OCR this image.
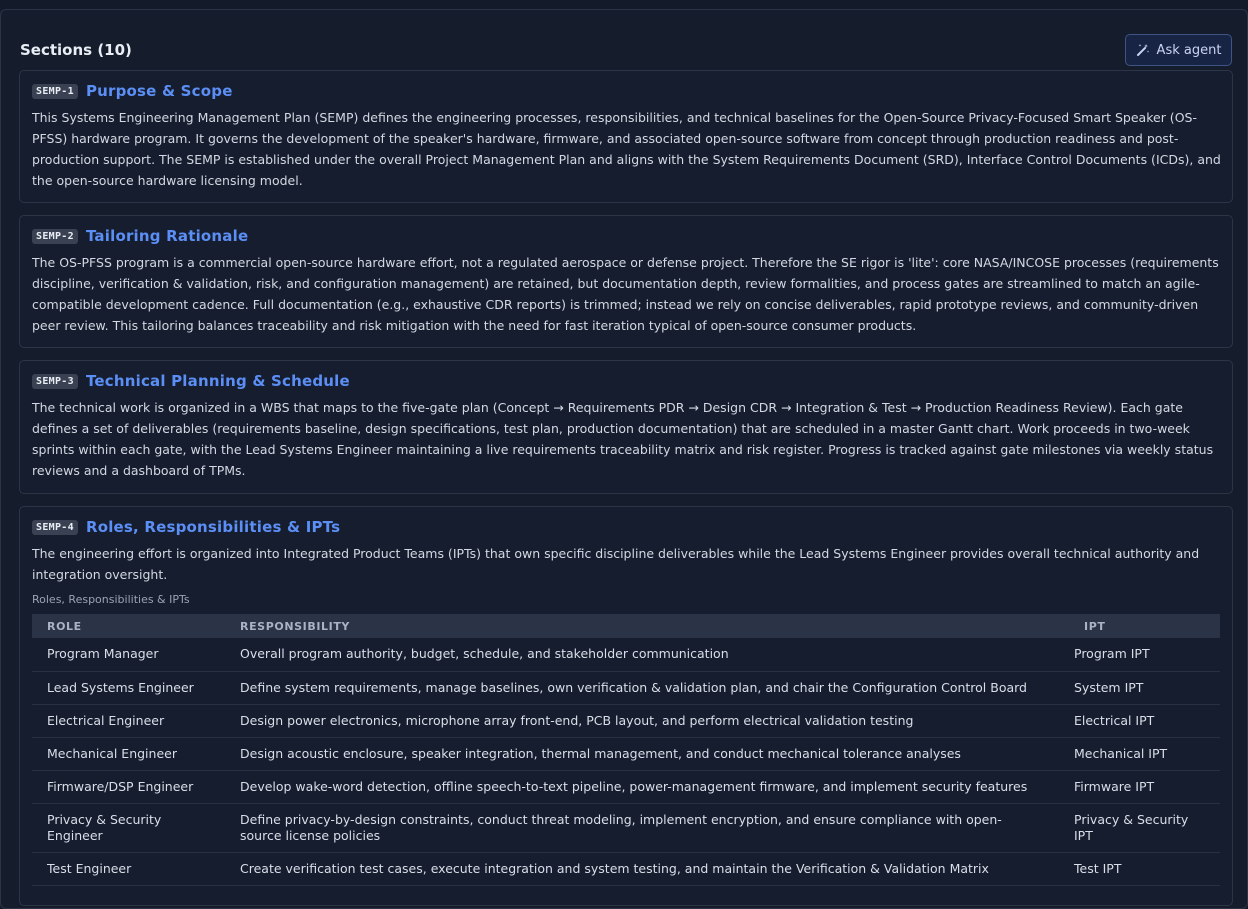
Sections (10)	Ask agent
SEMP-1 Purpose & Scope
This Systems Engineering Management Plan (SEMP) defines the engineering processes, responsibilities, and technical baselines for the Open-Source Privacy-Focused Smart Speaker (OS-PFSS) hardware program. It governs the development of the speaker's hardware, firmware, and associated open-source software from concept through production readiness and post-production support. The SEMP is established under the overall Project Management Plan and aligns with the System Requirements Document (SRD), Interface Control Documents (ICDs), and the open-source hardware licensing model.
SEMP-2 Tailoring Rationale
The OS-PFSS program is a commercial open-source hardware effort, not a regulated aerospace or defense project. Therefore the SE rigor is 'lite': core NASA/INCOSE processes (requirements discipline, verification & validation, risk, and configuration management) are retained, but documentation depth, review formalities, and process gates are streamlined to match an agile-compatible development cadence. Full documentation (e.g., exhaustive CDR reports) is trimmed; instead we rely on concise deliverables, rapid prototype reviews, and community-driven peer review. This tailoring balances traceability and risk mitigation with the need for fast iteration typical of open-source consumer products.
SEMP-3 Technical Planning & Schedule
The technical work is organized in a WBS that maps to the five-gate plan (Concept → Requirements PDR → Design CDR → Integration & Test → Production Readiness Review). Each gate defines a set of deliverables (requirements baseline, design specifications, test plan, production documentation) that are scheduled in a master Gantt chart. Work proceeds in two-week sprints within each gate, with the Lead Systems Engineer maintaining a live requirements traceability matrix and risk register. Progress is tracked against gate milestones via weekly status reviews and a dashboard of TPMs.
SEMP-4 Roles, Responsibilities & IPTs
The engineering effort is organized into Integrated Product Teams (IPTs) that own specific discipline deliverables while the Lead Systems Engineer provides overall technical authority and integration oversight.
Roles, Responsibilities & IPTs
ROLE	RESPONSIBILITY	IPT
Program Manager	Overall program authority, budget, schedule, and stakeholder communication	Program IPT
Lead Systems Engineer	Define system requirements, manage baselines, own verification & validation plan, and chair the Configuration Control Board	System IPT
Electrical Engineer	Design power electronics, microphone array front-end, PCB layout, and perform electrical validation testing	Electrical IPT
Mechanical Engineer	Design acoustic enclosure, speaker integration, thermal management, and conduct mechanical tolerance analyses	Mechanical IPT
Firmware/DSP Engineer	Develop wake-word detection, offline speech-to-text pipeline, power-management firmware, and implement security features	Firmware IPT
Privacy & Security Engineer	Define privacy-by-design constraints, conduct threat modeling, implement encryption, and ensure compliance with open-source license policies	Privacy & Security IPT
Test Engineer	Create verification test cases, execute integration and system testing, and maintain the Verification & Validation Matrix	Test IPT
